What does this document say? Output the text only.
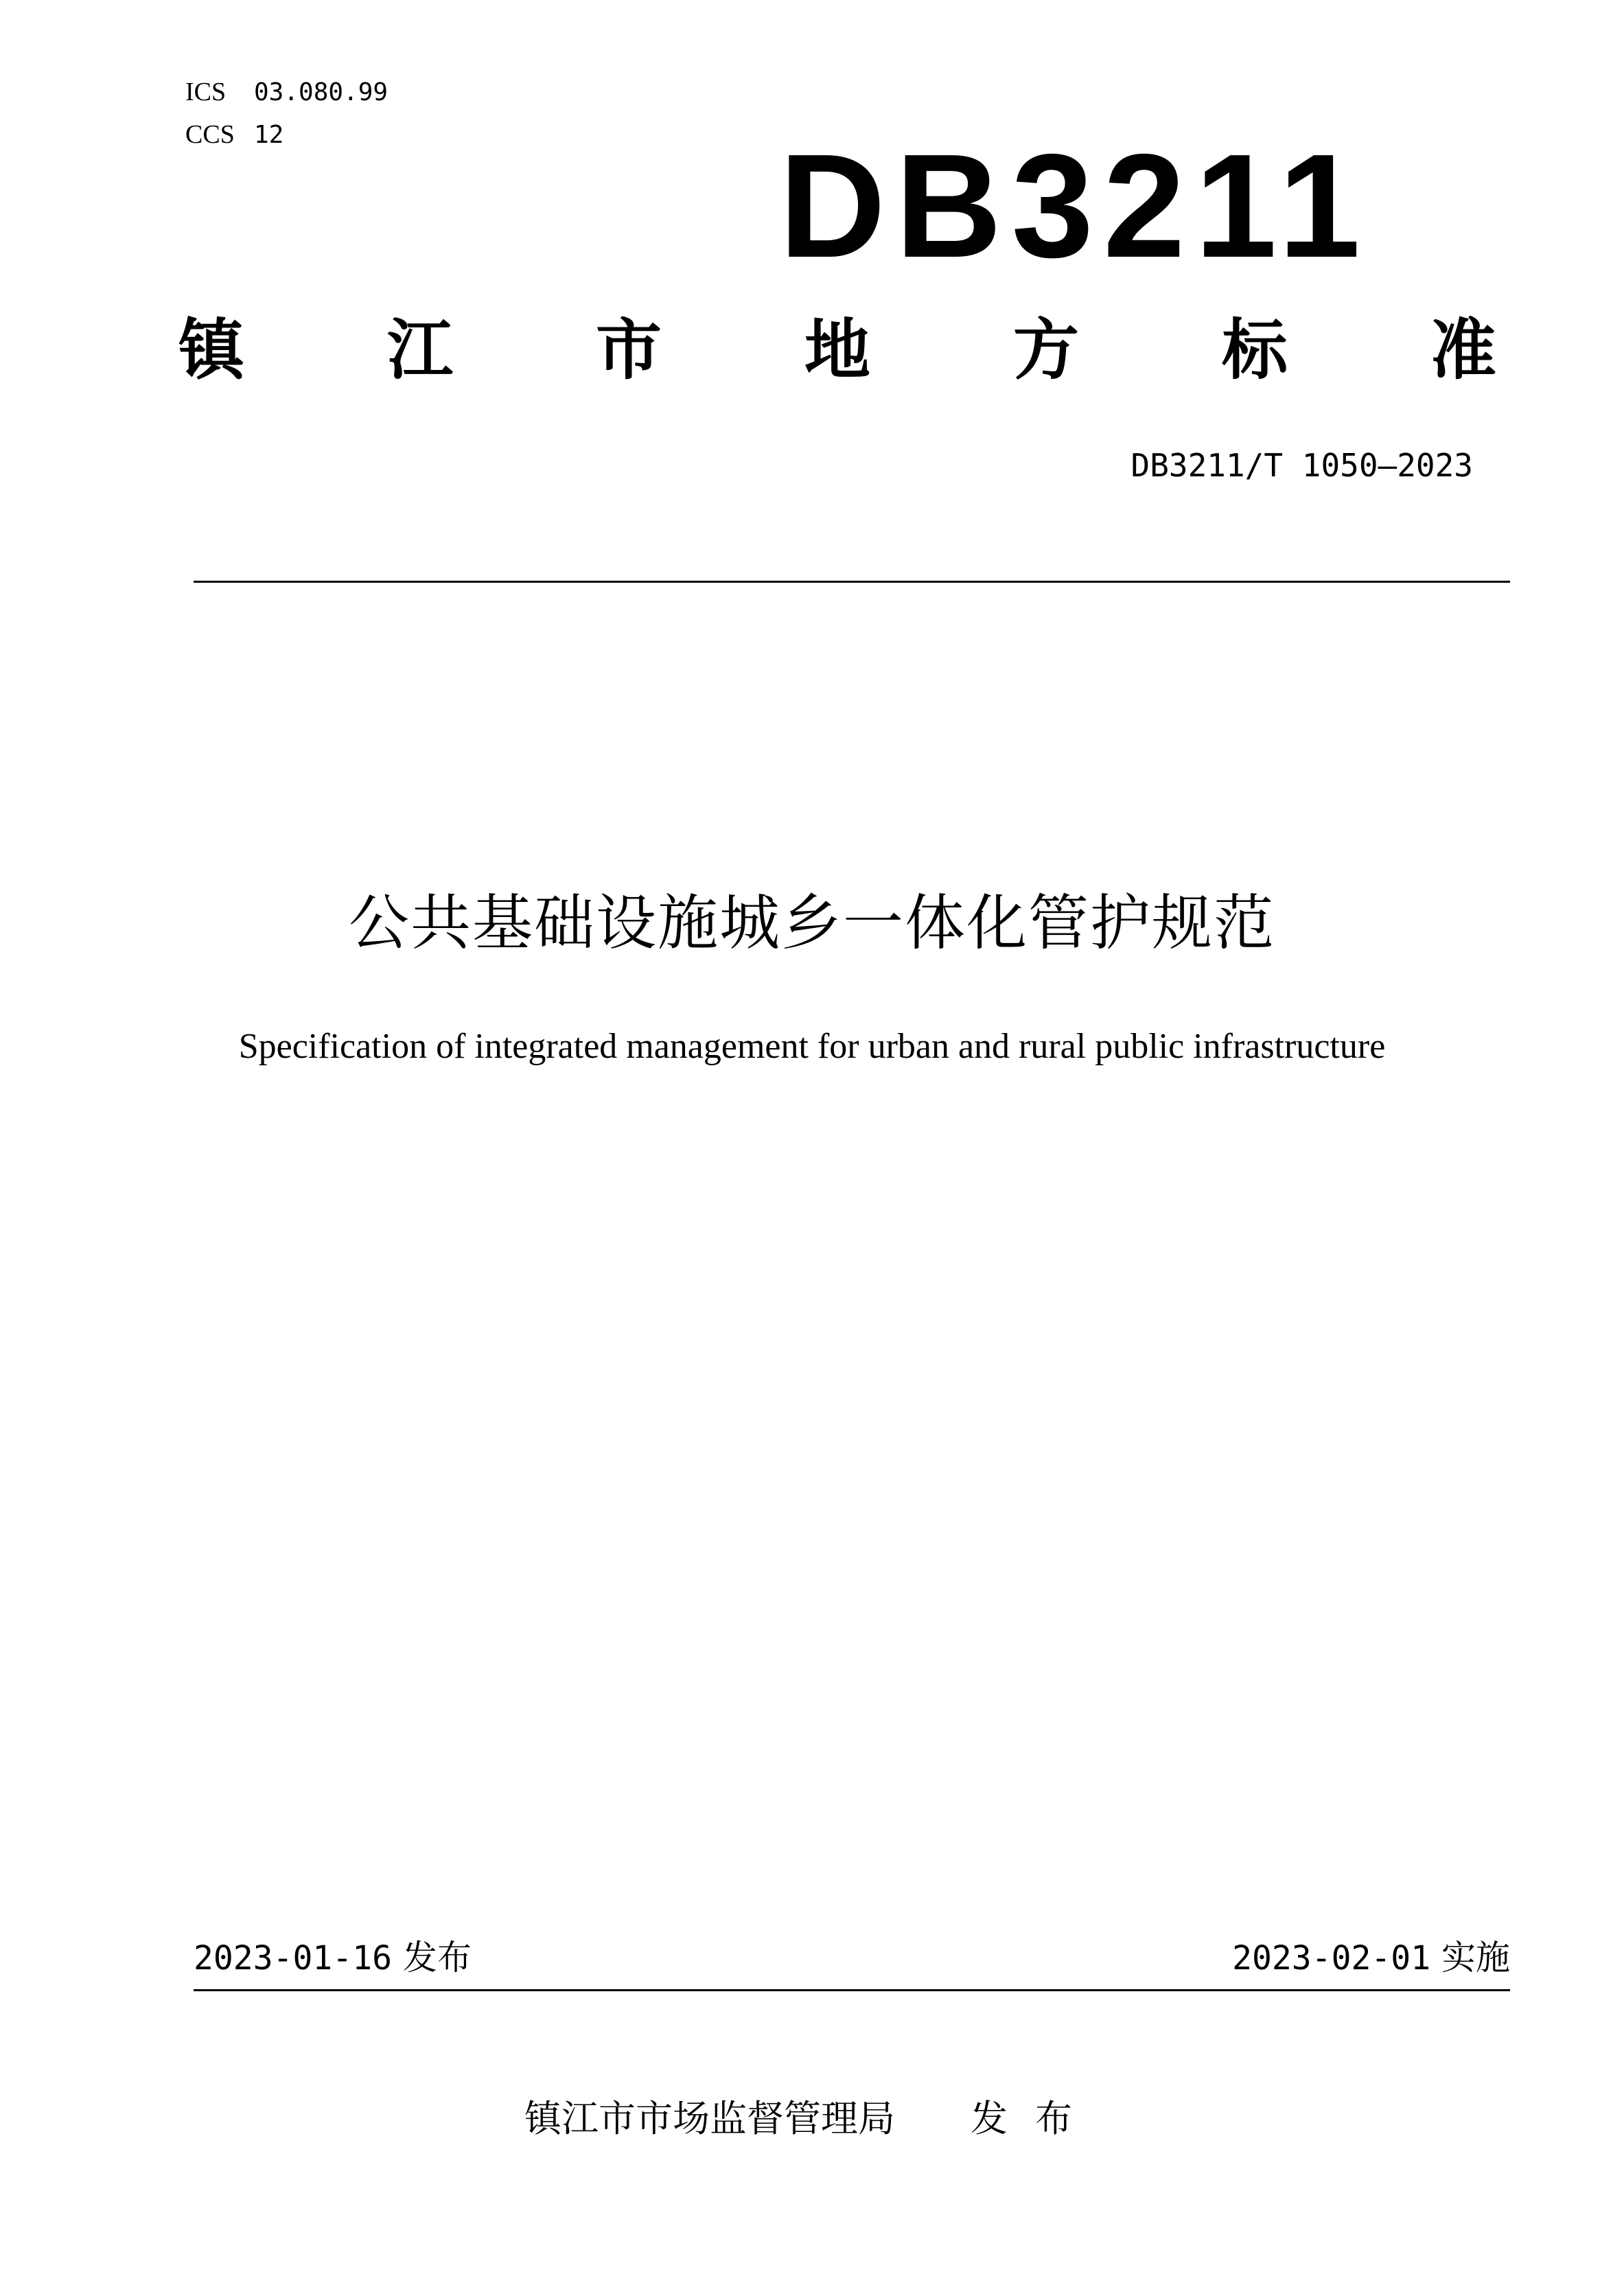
ICS 03.080.99
CCS 12	DB3211
镇 江 市 地 方 标 准
DB3211/T 1050—2023
公共基础设施城乡一体化管护规范
Specification of integrated management for urban and rural public infrastructure
2023-01-16 发布	2023-02-01 实施
镇江市市场监督管理局 发布
